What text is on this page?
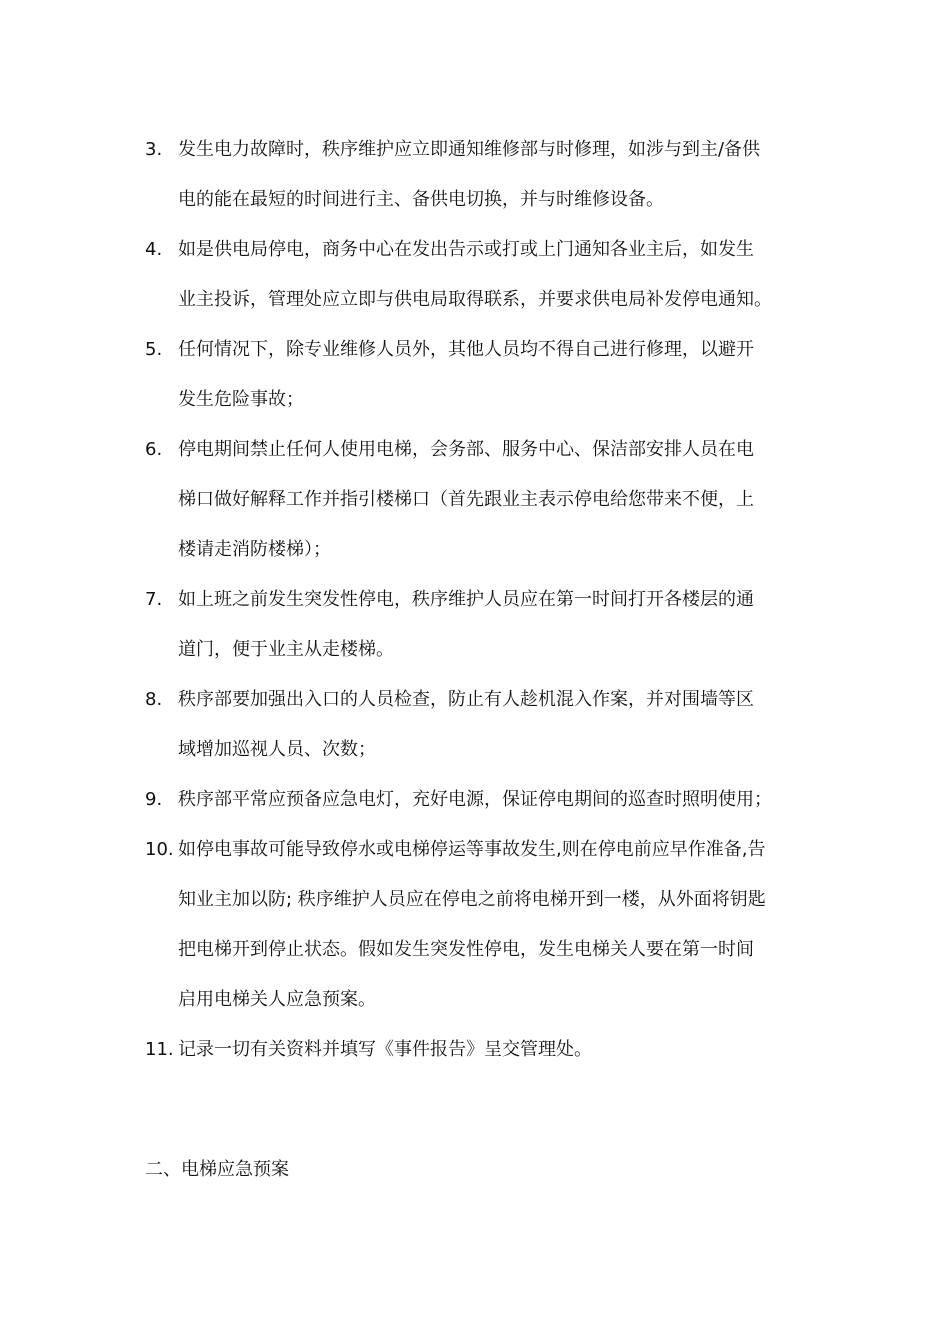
3. 发生电力故障时，秩序维护应立即通知维修部与时修理，如涉与到主/备供
电的能在最短的时间进行主、备供电切换，并与时维修设备。
4. 如是供电局停电，商务中心在发出告示或打或上门通知各业主后，如发生
业主投诉，管理处应立即与供电局取得联系，并要求供电局补发停电通知。
5. 任何情况下，除专业维修人员外，其他人员均不得自己进行修理，以避开
发生危险事故；
6. 停电期间禁止任何人使用电梯，会务部、服务中心、保洁部安排人员在电
梯口做好解释工作并指引楼梯口（首先跟业主表示停电给您带来不便，上
楼请走消防楼梯）；
7. 如上班之前发生突发性停电，秩序维护人员应在第一时间打开各楼层的通
道门，便于业主从走楼梯。
8. 秩序部要加强出入口的人员检查，防止有人趁机混入作案，并对围墙等区
域增加巡视人员、次数；
9. 秩序部平常应预备应急电灯，充好电源，保证停电期间的巡查时照明使用；
10. 如停电事故可能导致停水或电梯停运等事故发生,则在停电前应早作准备,告
知业主加以防; 秩序维护人员应在停电之前将电梯开到一楼，从外面将钥匙
把电梯开到停止状态。假如发生突发性停电，发生电梯关人要在第一时间
启用电梯关人应急预案。
11. 记录一切有关资料并填写《事件报告》呈交管理处。
二、电梯应急预案
